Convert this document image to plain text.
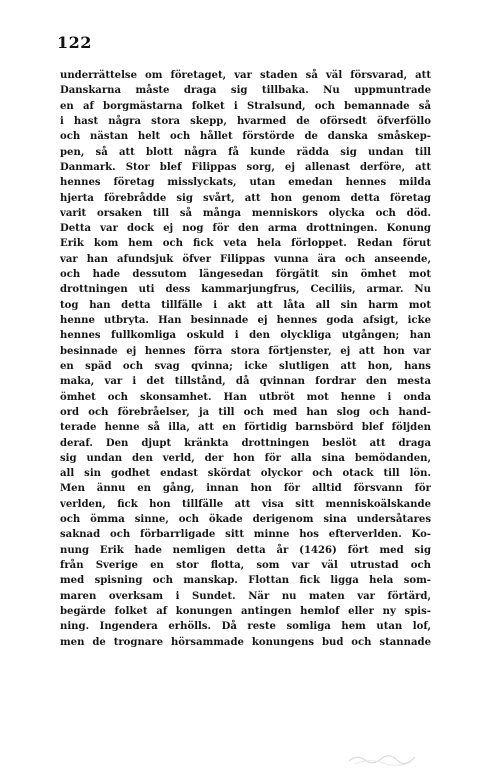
122
underrättelse om företaget, var staden så väl försvarad, att
Danskarna måste draga sig tillbaka. Nu uppmuntrade
en af borgmästarna folket i Stralsund, och bemannade så
i hast några stora skepp, hvarmed de oförsedt öfverföllo
och nästan helt och hållet förstörde de danska småskep-
pen, så att blott några få kunde rädda sig undan till
Danmark. Stor blef Filippas sorg, ej allenast derföre, att
hennes företag misslyckats, utan emedan hennes milda
hjerta förebrådde sig svårt, att hon genom detta företag
varit orsaken till så många menniskors olycka och död.
Detta var dock ej nog för den arma drottningen. Konung
Erik kom hem och fick veta hela förloppet. Redan förut
var han afundsjuk öfver Filippas vunna ära och anseende,
och hade dessutom längesedan förgätit sin ömhet mot
drottningen uti dess kammarjungfrus, Ceciliis, armar. Nu
tog han detta tillfälle i akt att låta all sin harm mot
henne utbryta. Han besinnade ej hennes goda afsigt, icke
hennes fullkomliga oskuld i den olyckliga utgången; han
besinnade ej hennes förra stora förtjenster, ej att hon var
en späd och svag qvinna; icke slutligen att hon, hans
maka, var i det tillstånd, då qvinnan fordrar den mesta
ömhet och skonsamhet. Han utbröt mot henne i onda
ord och förebråelser, ja till och med han slog och hand-
terade henne så illa, att en förtidig barnsbörd blef följden
deraf. Den djupt kränkta drottningen beslöt att draga
sig undan den verld, der hon för alla sina bemödanden,
all sin godhet endast skördat olyckor och otack till lön.
Men ännu en gång, innan hon för alltid försvann för
verlden, fick hon tillfälle att visa sitt menniskoälskande
och ömma sinne, och ökade derigenom sina undersåtares
saknad och förbarrligade sitt minne hos efterverlden. Ko-
nung Erik hade nemligen detta år (1426) fört med sig
från Sverige en stor flotta, som var väl utrustad och
med spisning och manskap. Flottan fick ligga hela som-
maren overksam i Sundet. När nu maten var förtärd,
begärde folket af konungen antingen hemlof eller ny spis-
ning. Ingendera erhölls. Då reste somliga hem utan lof,
men de trognare hörsammade konungens bud och stannade
